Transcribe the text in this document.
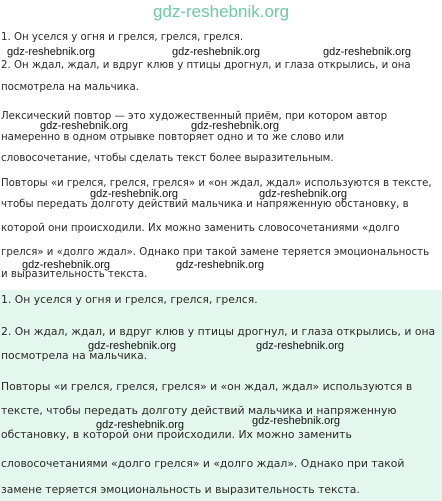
gdz-reshebnik.org
1. Он уселся у огня и грелся, грелся, грелся.
2. Он ждал, ждал, и вдруг клюв у птицы дрогнул, и глаза открылись, и она
посмотрела на мальчика.
Лексический повтор — это художественный приём, при котором автор
намеренно в одном отрывке повторяет одно и то же слово или
словосочетание, чтобы сделать текст более выразительным.
Повторы «и грелся, грелся, грелся» и «он ждал, ждал» используются в тексте,
чтобы передать долготу действий мальчика и напряженную обстановку, в
которой они происходили. Их можно заменить словосочетаниями «долго
грелся» и «долго ждал». Однако при такой замене теряется эмоциональность
и выразительность текста.
gdz-reshebnik.org	gdz-reshebnik.org	gdz-reshebnik.org
gdz-reshebnik.org	gdz-reshebnik.org
gdz-reshebnik.org	gdz-reshebnik.org
gdz-reshebnik.org	gdz-reshebnik.org
1. Он уселся у огня и грелся, грелся, грелся.
2. Он ждал, ждал, и вдруг клюв у птицы дрогнул, и глаза открылись, и она
посмотрела на мальчика.
Повторы «и грелся, грелся, грелся» и «он ждал, ждал» используются в
тексте, чтобы передать долготу действий мальчика и напряженную
обстановку, в которой они происходили. Их можно заменить
словосочетаниями «долго грелся» и «долго ждал». Однако при такой
замене теряется эмоциональность и выразительность текста.
gdz-reshebnik.org	gdz-reshebnik.org
gdz-reshebnik.org	gdz-reshebnik.org
